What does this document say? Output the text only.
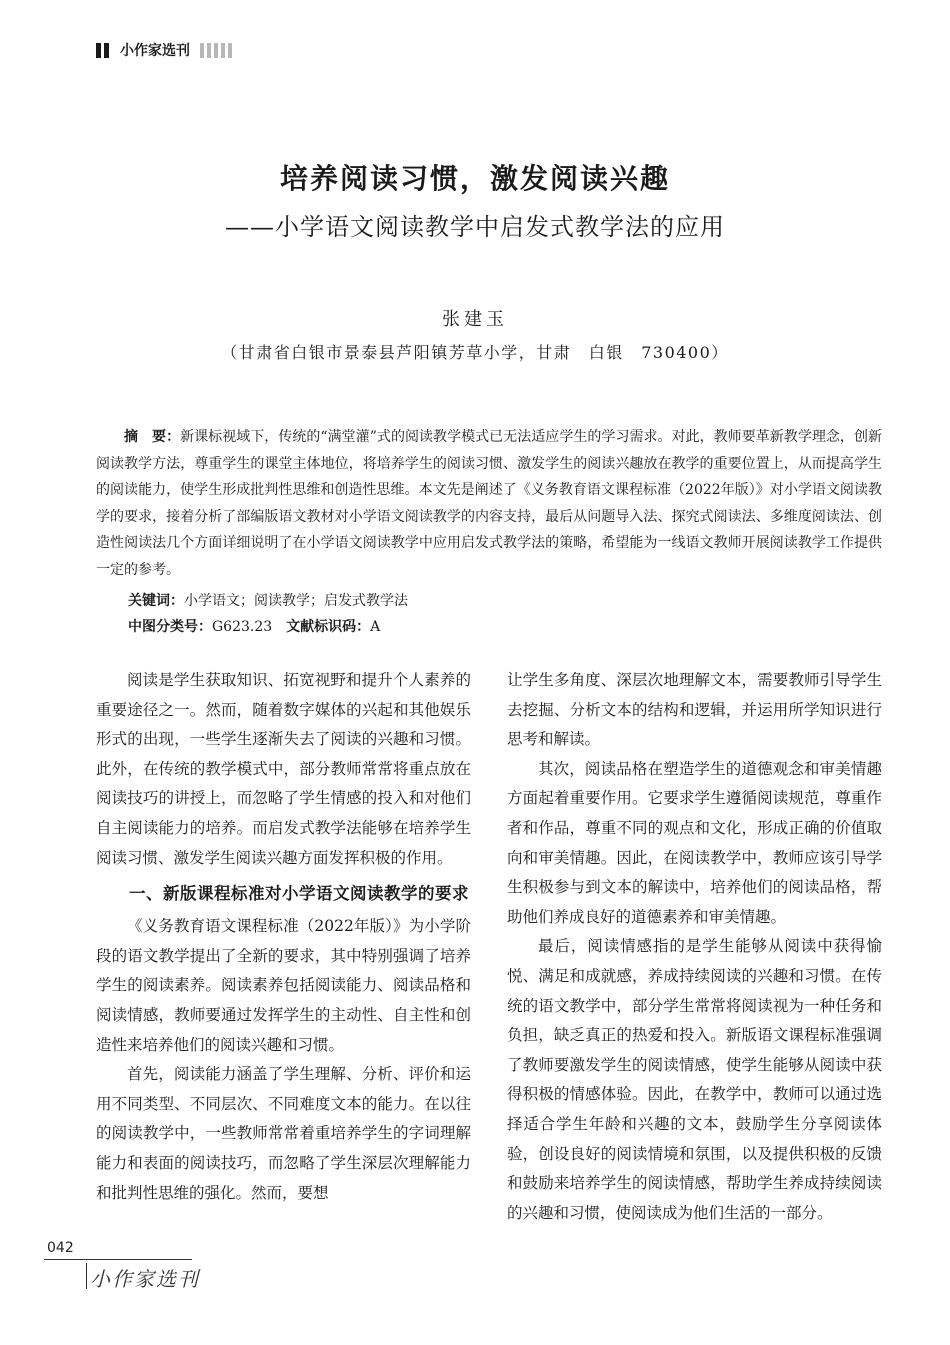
小作家选刊
培养阅读习惯，激发阅读兴趣
——小学语文阅读教学中启发式教学法的应用
张建玉
（甘肃省白银市景泰县芦阳镇芳草小学，甘肃　白银　730400）

摘　要：新课标视域下，传统的“满堂灌”式的阅读教学模式已无法适应学生的学习需求。对此，教师要革新教学理念，创新阅读教学方法，尊重学生的课堂主体地位，将培养学生的阅读习惯、激发学生的阅读兴趣放在教学的重要位置上，从而提高学生的阅读能力，使学生形成批判性思维和创造性思维。本文先是阐述了《义务教育语文课程标准（2022年版）》对小学语文阅读教学的要求，接着分析了部编版语文教材对小学语文阅读教学的内容支持，最后从问题导入法、探究式阅读法、多维度阅读法、创造性阅读法几个方面详细说明了在小学语文阅读教学中应用启发式教学法的策略，希望能为一线语文教师开展阅读教学工作提供一定的参考。

关键词：小学语文；阅读教学；启发式教学法
中图分类号：G623.23 文献标识码：A

阅读是学生获取知识、拓宽视野和提升个人素养的重要途径之一。然而，随着数字媒体的兴起和其他娱乐形式的出现，一些学生逐渐失去了阅读的兴趣和习惯。此外，在传统的教学模式中，部分教师常常将重点放在阅读技巧的讲授上，而忽略了学生情感的投入和对他们自主阅读能力的培养。而启发式教学法能够在培养学生阅读习惯、激发学生阅读兴趣方面发挥积极的作用。

一、新版课程标准对小学语文阅读教学的要求

《义务教育语文课程标准（2022年版）》为小学阶段的语文教学提出了全新的要求，其中特别强调了培养学生的阅读素养。阅读素养包括阅读能力、阅读品格和阅读情感，教师要通过发挥学生的主动性、自主性和创造性来培养他们的阅读兴趣和习惯。

首先，阅读能力涵盖了学生理解、分析、评价和运用不同类型、不同层次、不同难度文本的能力。在以往的阅读教学中，一些教师常常着重培养学生的字词理解能力和表面的阅读技巧，而忽略了学生深层次理解能力和批判性思维的强化。然而，要想

让学生多角度、深层次地理解文本，需要教师引导学生去挖掘、分析文本的结构和逻辑，并运用所学知识进行思考和解读。

其次，阅读品格在塑造学生的道德观念和审美情趣方面起着重要作用。它要求学生遵循阅读规范，尊重作者和作品，尊重不同的观点和文化，形成正确的价值取向和审美情趣。因此，在阅读教学中，教师应该引导学生积极参与到文本的解读中，培养他们的阅读品格，帮助他们养成良好的道德素养和审美情趣。

最后，阅读情感指的是学生能够从阅读中获得愉悦、满足和成就感，养成持续阅读的兴趣和习惯。在传统的语文教学中，部分学生常常将阅读视为一种任务和负担，缺乏真正的热爱和投入。新版语文课程标准强调了教师要激发学生的阅读情感，使学生能够从阅读中获得积极的情感体验。因此，在教学中，教师可以通过选择适合学生年龄和兴趣的文本，鼓励学生分享阅读体验，创设良好的阅读情境和氛围，以及提供积极的反馈和鼓励来培养学生的阅读情感，帮助学生养成持续阅读的兴趣和习惯，使阅读成为他们生活的一部分。

042
小作家选刊
